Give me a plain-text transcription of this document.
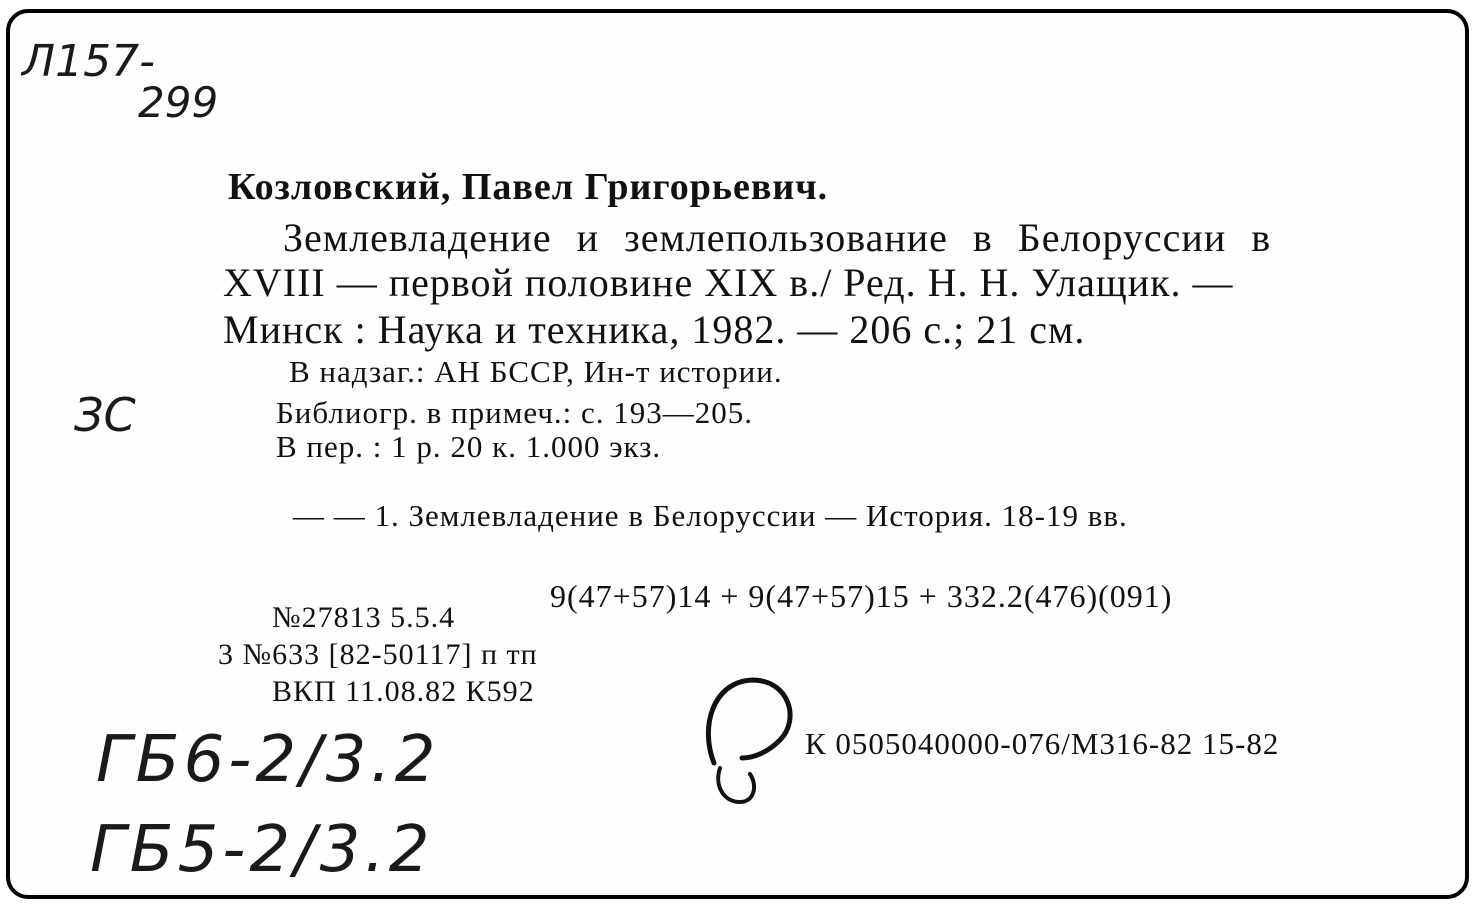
Л157-

299

ЗС

Козловский, Павел Григорьевич.

Землевладение и землепользование в Белоруссии в

XVIII — первой половине XIX в./ Ред. Н. Н. Улащик. —

Минск : Наука и техника, 1982. — 206 с.; 21 см.

В надзаг.: АН БССР, Ин-т истории.

Библиогр. в примеч.: с. 193—205.

В пер. : 1 р. 20 к. 1.000 экз.

— — 1. Землевладение в Белоруссии — История. 18-19 вв.

9(47+57)14 + 9(47+57)15 + 332.2(476)(091)

№27813 5.5.4

3 №633 [82-50117] п тп

ВКП 11.08.82 К592

К 0505040000-076/М316-82 15-82

ГБ6-2/3.2

ГБ5-2/3.2
